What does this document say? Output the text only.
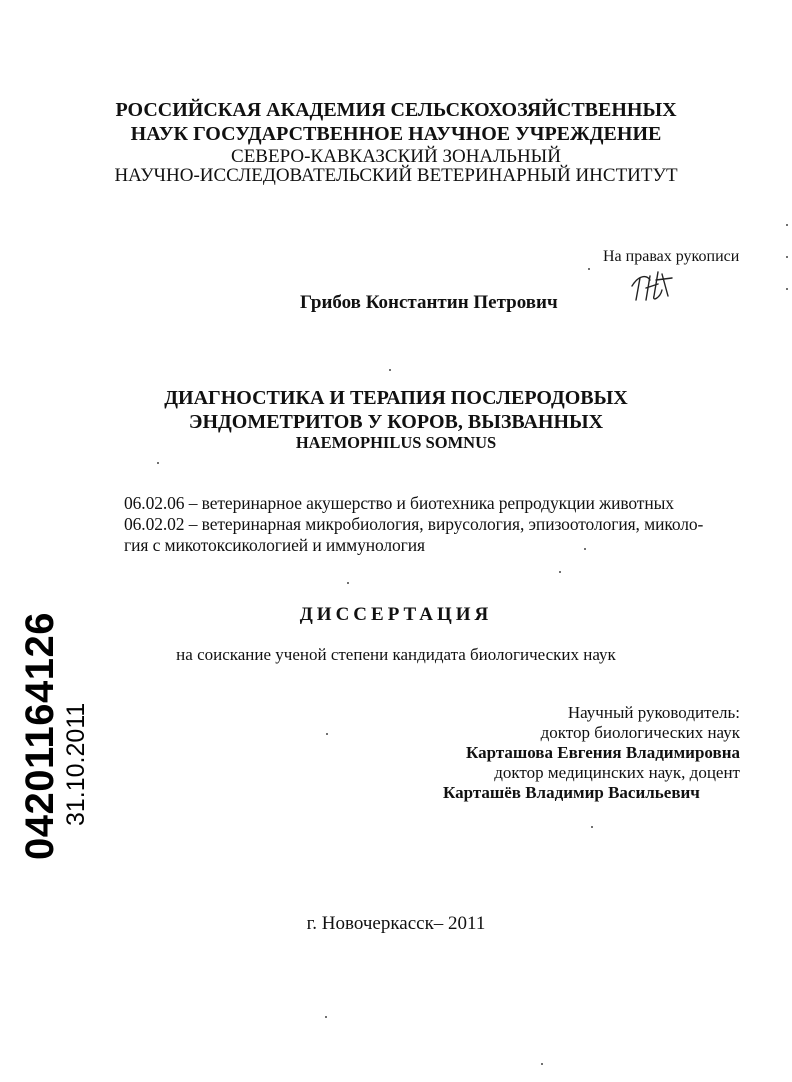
РОССИЙСКАЯ АКАДЕМИЯ СЕЛЬСКОХОЗЯЙСТВЕННЫХ
НАУК ГОСУДАРСТВЕННОЕ НАУЧНОЕ УЧРЕЖДЕНИЕ
СЕВЕРО-КАВКАЗСКИЙ ЗОНАЛЬНЫЙ
НАУЧНО-ИССЛЕДОВАТЕЛЬСКИЙ ВЕТЕРИНАРНЫЙ ИНСТИТУТ
На правах рукописи
Грибов Константин Петрович
ДИАГНОСТИКА И ТЕРАПИЯ ПОСЛЕРОДОВЫХ
ЭНДОМЕТРИТОВ У КОРОВ, ВЫЗВАННЫХ
HAEMOPHILUS SOMNUS
06.02.06 – ветеринарное акушерство и биотехника репродукции животных
06.02.02 – ветеринарная микробиология, вирусология, эпизоотология, миколо-
гия с микотоксикологией и иммунология
ДИССЕРТАЦИЯ
на соискание ученой степени кандидата биологических наук
Научный руководитель:
доктор биологических наук
Карташова Евгения Владимировна
доктор медицинских наук, доцент
Карташёв Владимир Васильевич
г. Новочеркасск– 2011
04201164126 31.10.2011
